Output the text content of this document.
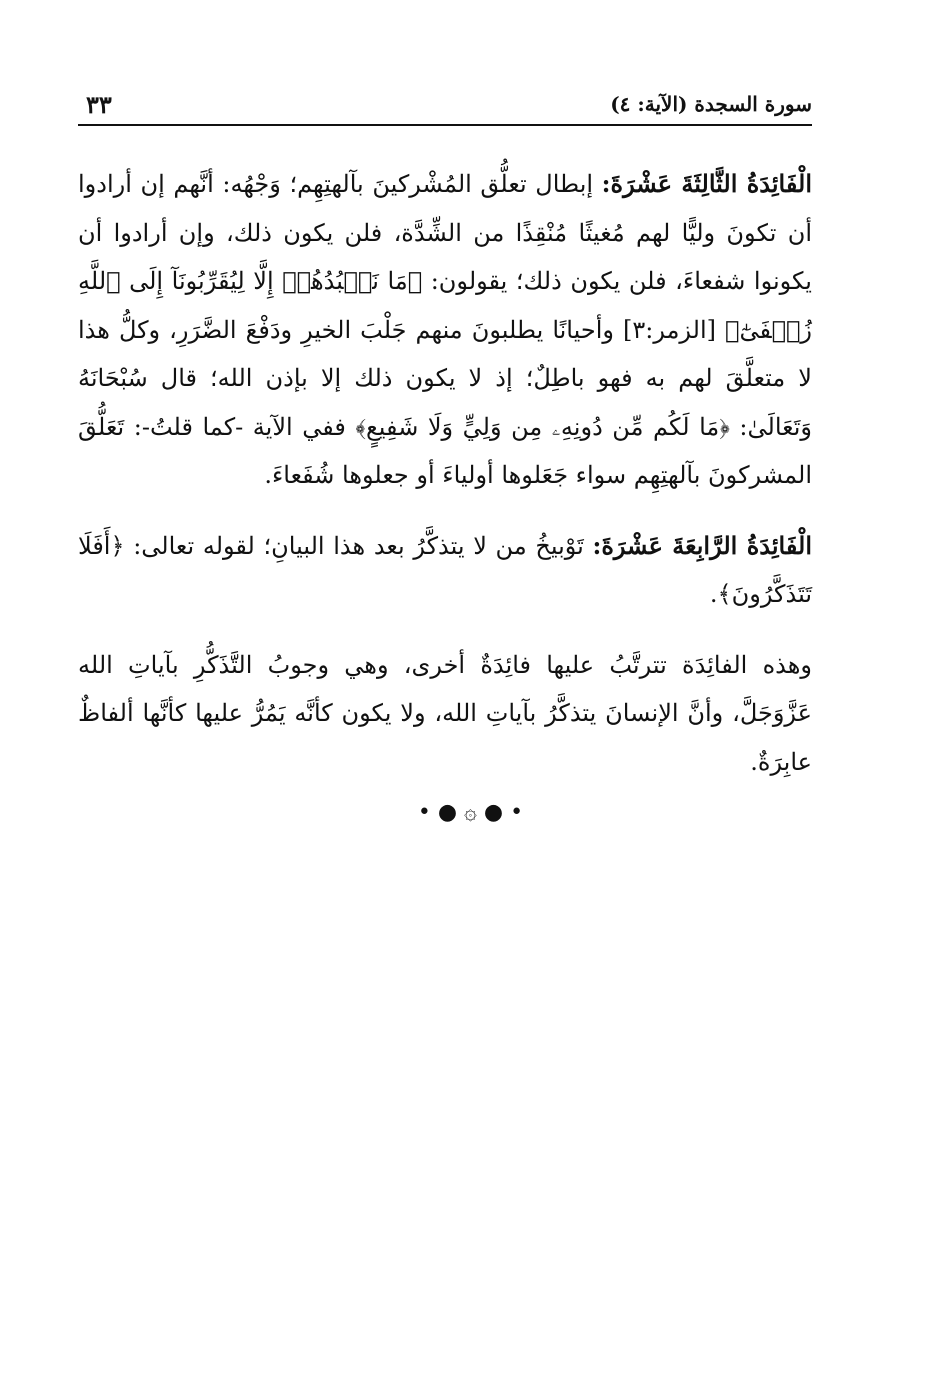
٣٣	سورة السجدة (الآية: ٤)

الْفَائِدَةُ الثَّالِثَةَ عَشْرَةَ: إبطال تعلُّق المُشْركينَ بآلهتِهِم؛ وَجْهُه: أنَّهم إن أرادوا أن تكونَ وليًّا لهم مُغيثًا مُنْقِذًا من الشِّدَّة، فلن يكون ذلك، وإن أرادوا أن يكونوا شفعاءَ، فلن يكون ذلك؛ يقولون: ﴿مَا نَعۡبُدُهُمۡ إِلَّا لِيُقَرِّبُونَآ إِلَى ٱللَّهِ زُلۡفَىٰٓ﴾ [الزمر:٣] وأحيانًا يطلبونَ منهم جَلْبَ الخيرِ ودَفْعَ الضَّرَرِ، وكلُّ هذا لا متعلَّقَ لهم به فهو باطِلٌ؛ إذ لا يكون ذلك إلا بإذن الله؛ قال سُبْحَانَهُ وَتَعَالَىٰ: ﴿مَا لَكُم مِّن دُونِهِۦ مِن وَلِيٍّ وَلَا شَفِيعٍ﴾ ففي الآية -كما قلتُ-: تَعَلُّقَ المشركونَ بآلهتِهِم سواء جَعَلوها أولياءَ أو جعلوها شُفَعاءَ.

الْفَائِدَةُ الرَّابِعَةَ عَشْرَةَ: تَوْبيخُ من لا يتذكَّرُ بعد هذا البيانِ؛ لقوله تعالى: ﴿أَفَلَا تَتَذَكَّرُونَ﴾.

وهذه الفائِدَة تترتَّبُ عليها فائِدَةٌ أخرى، وهي وجوبُ التَّذَكُّرِ بآياتِ الله عَزَّوَجَلَّ، وأنَّ الإنسانَ يتذكَّرُ بآياتِ الله، ولا يكون كأنَّه يَمُرُّ عليها كأنَّها ألفاظٌ عابِرَةٌ.

• ● ۞ ● •
